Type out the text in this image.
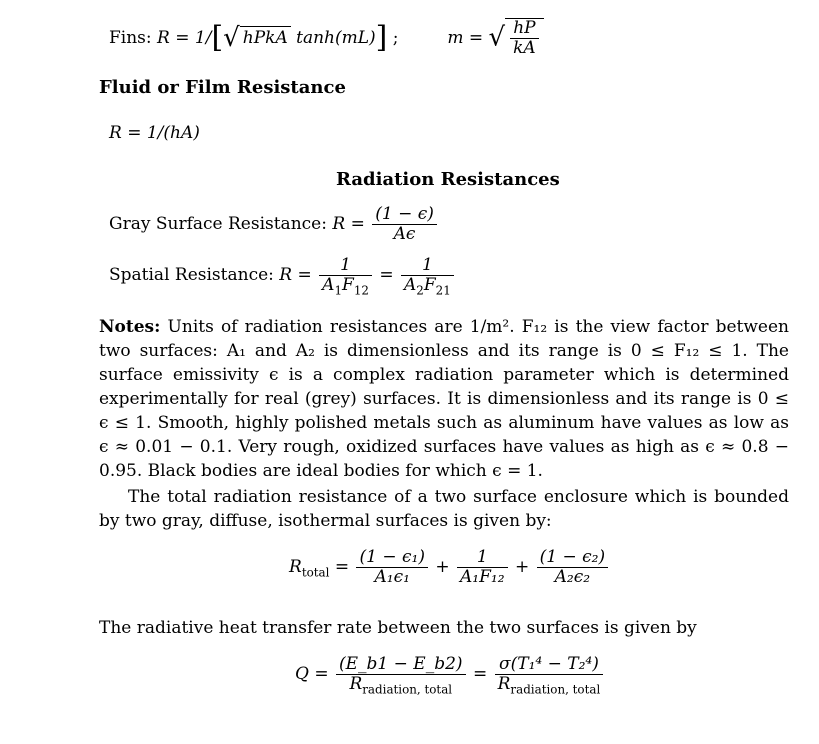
Fins: R = 1/[√ hPkA tanh(mL)] ;	m = √ $\frac{hP}{kA}$
Fluid or Film Resistance
R = 1/(hA)
Radiation Resistances
Gray Surface Resistance: $R = \frac{(1 - \epsilon)}{A\epsilon}$
Spatial Resistance: $R = \frac{1}{A_1F_{12}} = \frac{1}{A_2F_{21}}$
Notes: Units of radiation resistances are 1/m². F₁₂ is the view factor between two surfaces: A₁ and A₂ is dimensionless and its range is 0 ≤ F₁₂ ≤ 1. The surface emissivity ϵ is a complex radiation parameter which is determined experimentally for real (grey) surfaces. It is dimensionless and its range is 0 ≤ ϵ ≤ 1. Smooth, highly polished metals such as aluminum have values as low as ϵ ≈ 0.01 − 0.1. Very rough, oxidized surfaces have values as high as ϵ ≈ 0.8 − 0.95. Black bodies are ideal bodies for which ϵ = 1.
The total radiation resistance of a two surface enclosure which is bounded by two gray, diffuse, isothermal surfaces is given by:
$R_{total} = \frac{\text{(1 − ϵ₁)}}{\text{A₁ϵ₁}} + \frac{1}{\text{A₁F₁₂}} + \frac{\text{(1 − ϵ₂)}}{\text{A₂ϵ₂}}$
The radiative heat transfer rate between the two surfaces is given by
$Q = \frac{(E\_b1 - E\_b2)}{R_{radiation, total}} = \frac{\text{σ(T₁⁴ − T₂⁴)}}{R_{radiation, total}}$
